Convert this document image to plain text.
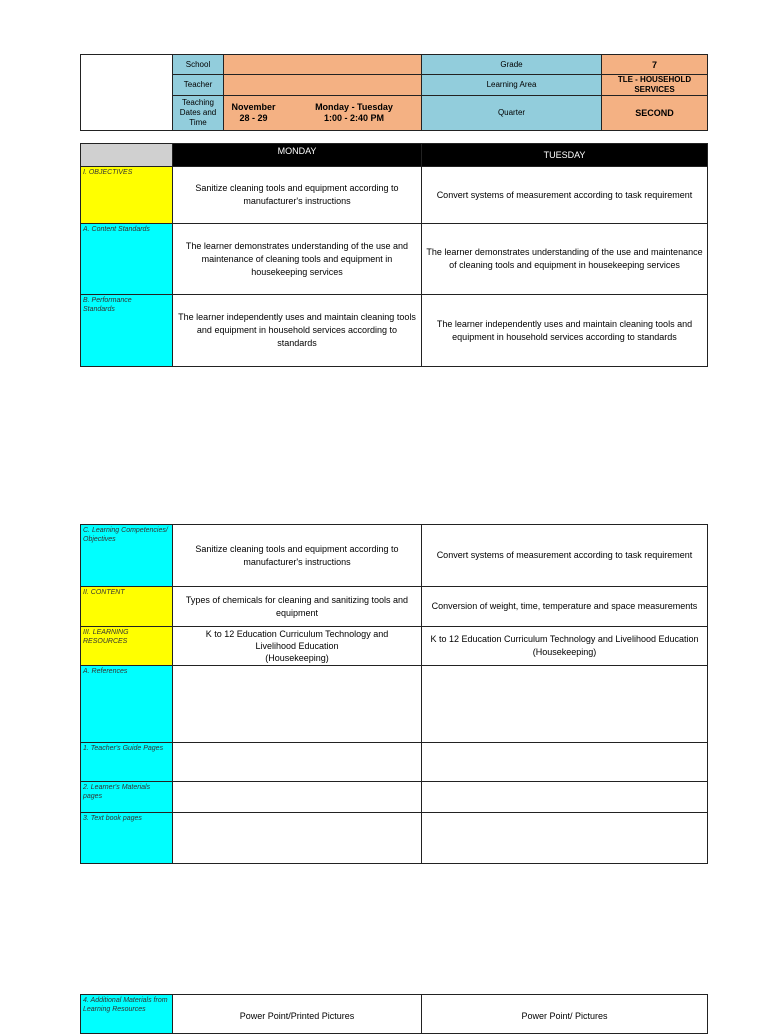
School
Teacher
Teaching Dates and Time
November
28 - 29
Monday - Tuesday
1:00 - 2:40 PM
Grade
Learning Area
Quarter
7
TLE - HOUSEHOLD SERVICES
SECOND
MONDAY	TUESDAY
I. OBJECTIVES
Sanitize cleaning tools and equipment according to manufacturer's instructions
Convert systems of measurement according to task requirement
A. Content Standards
The learner demonstrates understanding of the use and maintenance of cleaning tools and equipment in housekeeping services
The learner demonstrates understanding of the use and maintenance of cleaning tools and equipment in housekeeping services
B. Performance Standards
The learner independently uses and maintain cleaning tools and equipment in household services according to standards
The learner independently uses and maintain cleaning tools and equipment in household services according to standards
C. Learning Competencies/Objectives
Sanitize cleaning tools and equipment according to manufacturer's instructions
Convert systems of measurement according to task requirement
II. CONTENT
Types of chemicals for cleaning and sanitizing tools and equipment
Conversion of weight, time, temperature and space measurements
III. LEARNING RESOURCES
K to 12 Education Curriculum Technology and Livelihood Education
(Housekeeping)
K to 12 Education Curriculum Technology and Livelihood Education (Housekeeping)
A. References
1. Teacher's Guide Pages
2. Learner's Materials pages
3. Text book pages
4. Additional Materials from Learning Resources
Power Point/Printed Pictures	Power Point/ Pictures
